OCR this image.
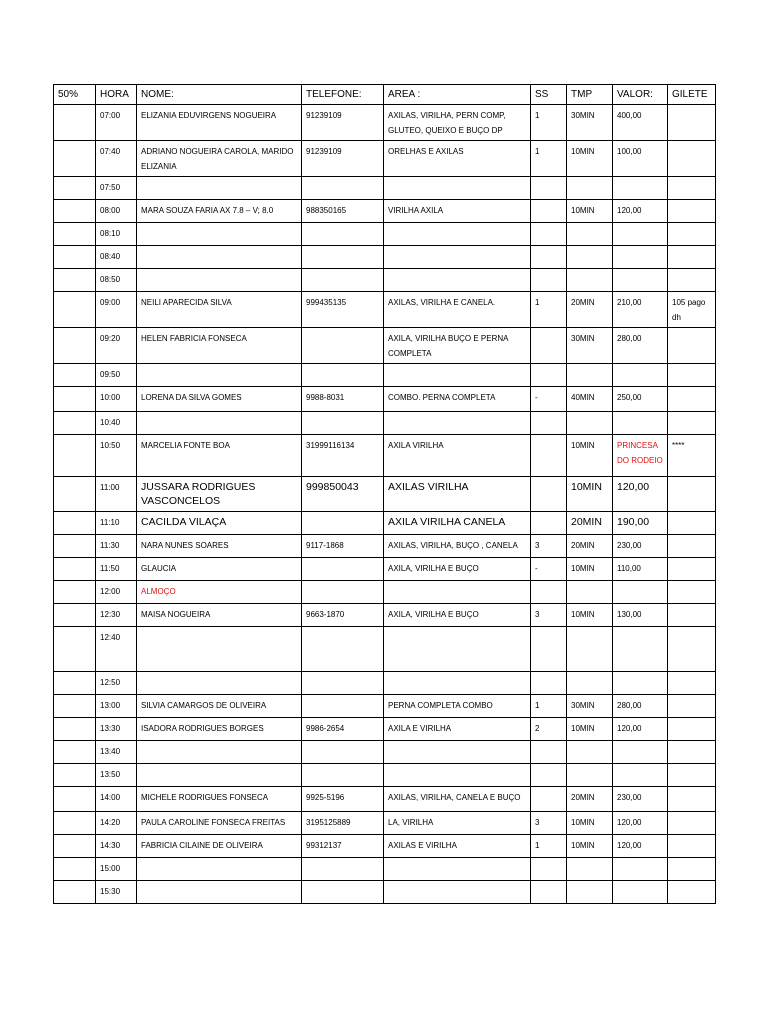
50%	HORA	NOME:	TELEFONE:	AREA :	SS	TMP	VALOR:	GILETE
	07:00	ELIZANIA EDUVIRGENS NOGUEIRA	91239109	AXILAS, VIRILHA, PERN COMP, GLUTEO, QUEIXO E BUÇO DP	1	30MIN	400,00	
	07:40	ADRIANO NOGUEIRA CAROLA, MARIDO ELIZANIA	91239109	ORELHAS E AXILAS	1	10MIN	100,00	
	07:50							
	08:00	MARA SOUZA FARIA AX 7.8 – V; 8.0	988350165	VIRILHA AXILA		10MIN	120,00	
	08:10							
	08:40							
	08:50							
	09:00	NEILI APARECIDA SILVA	999435135	AXILAS, VIRILHA E CANELA.	1	20MIN	210,00	105 pago dh
	09:20	HELEN FABRICIA FONSECA		AXILA, VIRILHA BUÇO E PERNA COMPLETA		30MIN	280,00	
	09:50							
	10:00	LORENA DA SILVA GOMES	9988-8031	COMBO. PERNA COMPLETA	-	40MIN	250,00	
	10:40							
	10:50	MARCELIA FONTE BOA	31999116134	AXILA VIRILHA		10MIN	PRINCESA DO RODEIO	****
	11:00	JUSSARA RODRIGUES VASCONCELOS	999850043	AXILAS VIRILHA		10MIN	120,00	
	11:10	CACILDA VILAÇA		AXILA VIRILHA CANELA		20MIN	190,00	
	11:30	NARA NUNES SOARES	9117-1868	AXILAS, VIRILHA, BUÇO , CANELA	3	20MIN	230,00	
	11:50	GLAUCIA		AXILA, VIRILHA E BUÇO	-	10MIN	110,00	
	12:00	ALMOÇO						
	12:30	MAISA NOGUEIRA	9663-1870	AXILA, VIRILHA E BUÇO	3	10MIN	130,00	
	12:40							
	12:50							
	13:00	SILVIA CAMARGOS DE OLIVEIRA		PERNA COMPLETA COMBO	1	30MIN	280,00	
	13:30	ISADORA RODRIGUES BORGES	9986-2654	AXILA E VIRILHA	2	10MIN	120,00	
	13:40							
	13:50							
	14:00	MICHELE RODRIGUES FONSECA	9925-5196	AXILAS, VIRILHA, CANELA E BUÇO		20MIN	230,00	
	14:20	PAULA CAROLINE FONSECA FREITAS	3195125889	LA, VIRILHA	3	10MIN	120,00	
	14:30	FABRICIA CILAINE DE OLIVEIRA	99312137	AXILAS E VIRILHA	1	10MIN	120,00	
	15:00							
	15:30							
